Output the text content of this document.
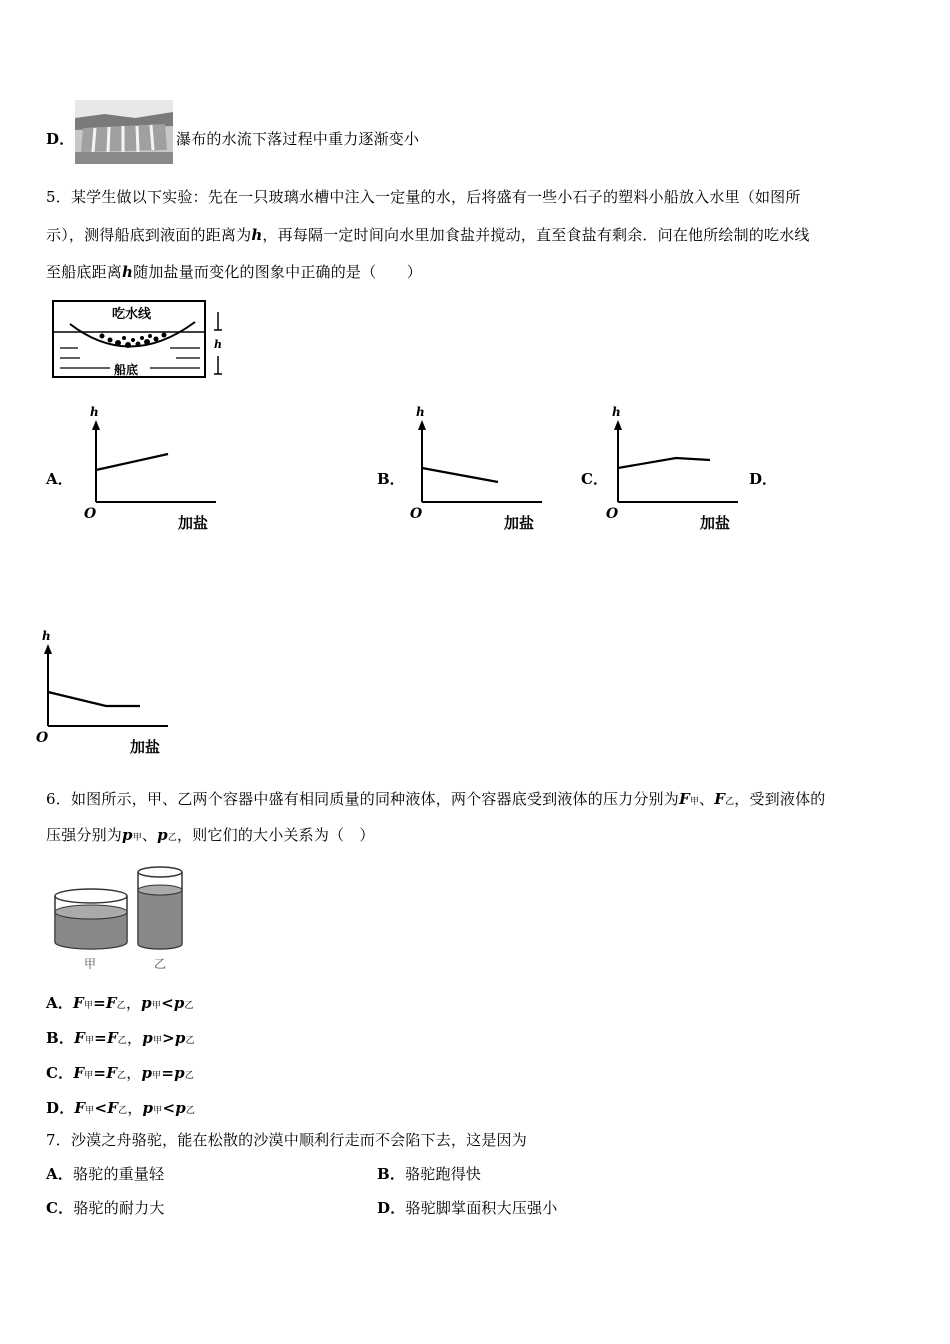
D．	瀑布的水流下落过程中重力逐渐变小
5．某学生做以下实验：先在一只玻璃水槽中注入一定量的水，后将盛有一些小石子的塑料小船放入水里（如图所
示），测得船底到液面的距离为h，再每隔一定时间向水里加食盐并搅动，直至食盐有剩余．问在他所绘制的吃水线
至船底距离h随加盐量而变化的图象中正确的是（　　）
吃水线
船底
h
A．
h
O	加盐
B．
h
O	加盐
C．
h
O	加盐
D．
h
O	加盐
6．如图所示，甲、乙两个容器中盛有相同质量的同种液体，两个容器底受到液体的压力分别为F甲、F乙，受到液体的
压强分别为p甲、p乙，则它们的大小关系为（　）
甲	乙
A．F甲=F乙，p甲<p乙
B．F甲=F乙，p甲>p乙
C．F甲=F乙，p甲=p乙
D．F甲<F乙，p甲<p乙
7．沙漠之舟骆驼，能在松散的沙漠中顺利行走而不会陷下去，这是因为
A．骆驼的重量轻	B．骆驼跑得快
C．骆驼的耐力大	D．骆驼脚掌面积大压强小
